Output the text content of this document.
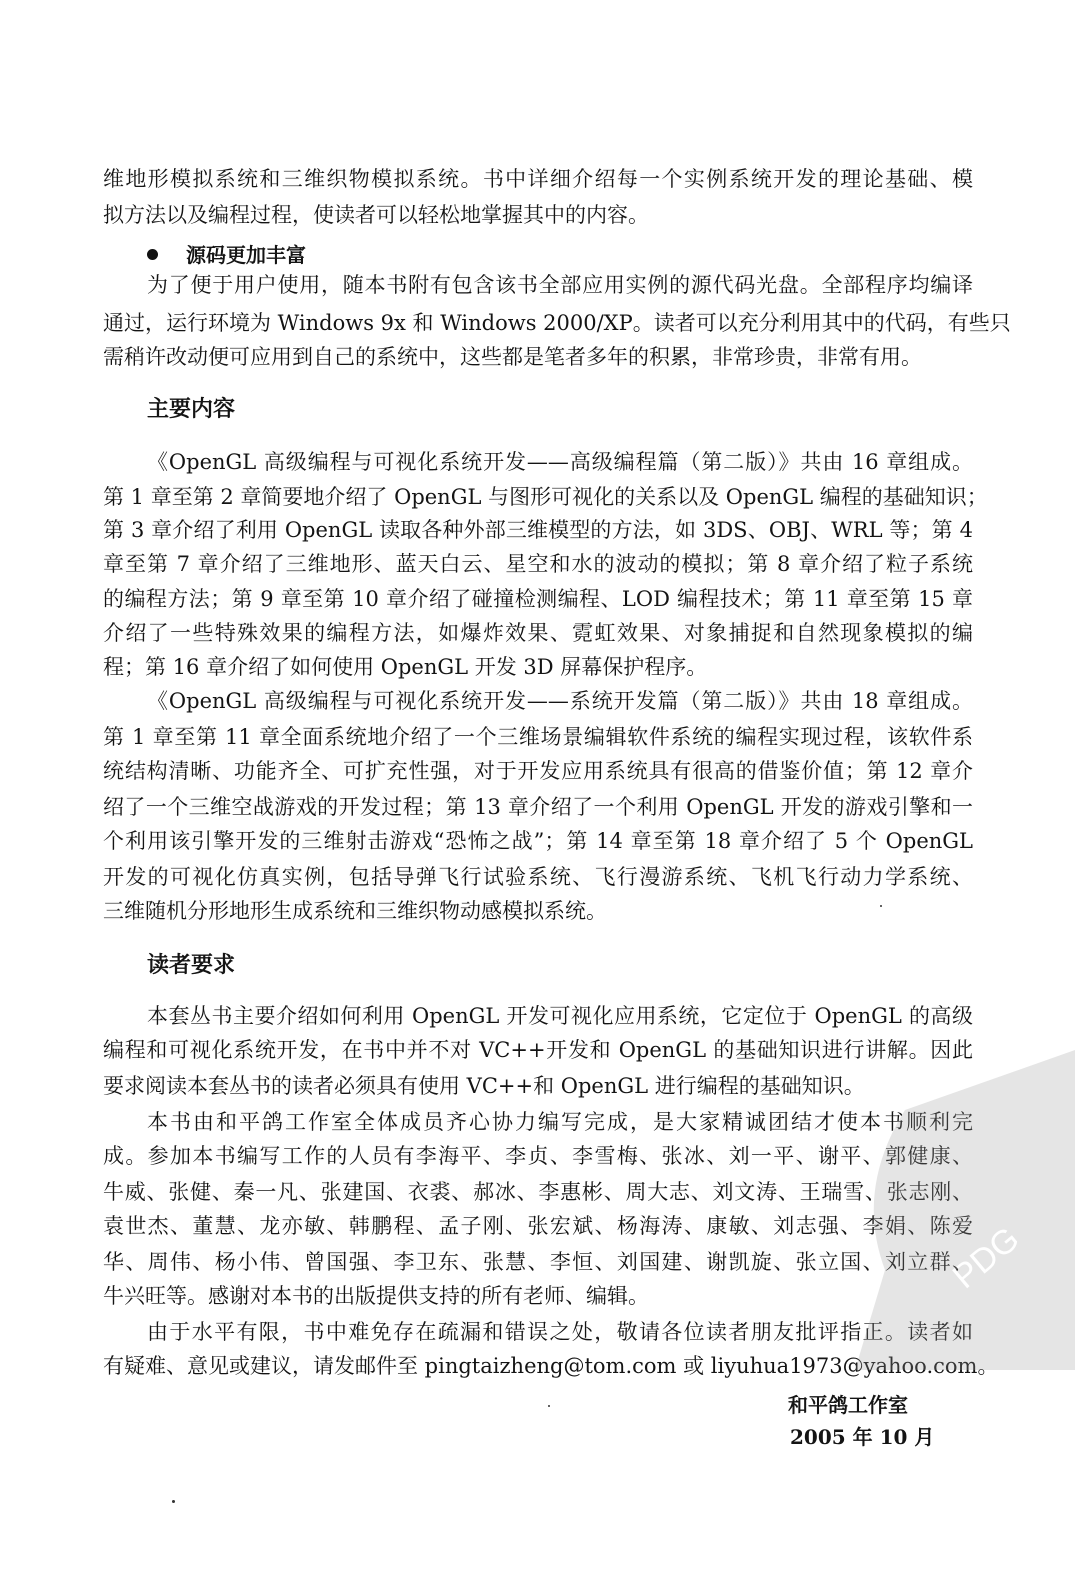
维地形模拟系统和三维织物模拟系统。书中详细介绍每一个实例系统开发的理论基础、模
拟方法以及编程过程，使读者可以轻松地掌握其中的内容。
源码更加丰富
为了便于用户使用，随本书附有包含该书全部应用实例的源代码光盘。全部程序均编译
通过，运行环境为 Windows 9x 和 Windows 2000/XP。读者可以充分利用其中的代码，有些只
需稍许改动便可应用到自己的系统中，这些都是笔者多年的积累，非常珍贵，非常有用。
主要内容
《OpenGL 高级编程与可视化系统开发——高级编程篇（第二版）》共由 16 章组成。
第 1 章至第 2 章简要地介绍了 OpenGL 与图形可视化的关系以及 OpenGL 编程的基础知识；
第 3 章介绍了利用 OpenGL 读取各种外部三维模型的方法，如 3DS、OBJ、WRL 等；第 4
章至第 7 章介绍了三维地形、蓝天白云、星空和水的波动的模拟；第 8 章介绍了粒子系统
的编程方法；第 9 章至第 10 章介绍了碰撞检测编程、LOD 编程技术；第 11 章至第 15 章
介绍了一些特殊效果的编程方法，如爆炸效果、霓虹效果、对象捕捉和自然现象模拟的编
程；第 16 章介绍了如何使用 OpenGL 开发 3D 屏幕保护程序。
《OpenGL 高级编程与可视化系统开发——系统开发篇（第二版）》共由 18 章组成。
第 1 章至第 11 章全面系统地介绍了一个三维场景编辑软件系统的编程实现过程，该软件系
统结构清晰、功能齐全、可扩充性强，对于开发应用系统具有很高的借鉴价值；第 12 章介
绍了一个三维空战游戏的开发过程；第 13 章介绍了一个利用 OpenGL 开发的游戏引擎和一
个利用该引擎开发的三维射击游戏“恐怖之战”；第 14 章至第 18 章介绍了 5 个 OpenGL
开发的可视化仿真实例，包括导弹飞行试验系统、飞行漫游系统、飞机飞行动力学系统、
三维随机分形地形生成系统和三维织物动感模拟系统。
读者要求
本套丛书主要介绍如何利用 OpenGL 开发可视化应用系统，它定位于 OpenGL 的高级
编程和可视化系统开发，在书中并不对 VC++开发和 OpenGL 的基础知识进行讲解。因此
要求阅读本套丛书的读者必须具有使用 VC++和 OpenGL 进行编程的基础知识。
本书由和平鸽工作室全体成员齐心协力编写完成，是大家精诚团结才使本书顺利完
成。参加本书编写工作的人员有李海平、李贞、李雪梅、张冰、刘一平、谢平、郭健康、
牛威、张健、秦一凡、张建国、衣裘、郝冰、李惠彬、周大志、刘文涛、王瑞雪、张志刚、
袁世杰、董慧、龙亦敏、韩鹏程、孟子刚、张宏斌、杨海涛、康敏、刘志强、李娟、陈爱
华、周伟、杨小伟、曾国强、李卫东、张慧、李恒、刘国建、谢凯旋、张立国、刘立群、
牛兴旺等。感谢对本书的出版提供支持的所有老师、编辑。
由于水平有限，书中难免存在疏漏和错误之处，敬请各位读者朋友批评指正。读者如
有疑难、意见或建议，请发邮件至 pingtaizheng@tom.com 或 liyuhua1973@yahoo.com。
和平鸽工作室
2005 年 10 月
PDG
